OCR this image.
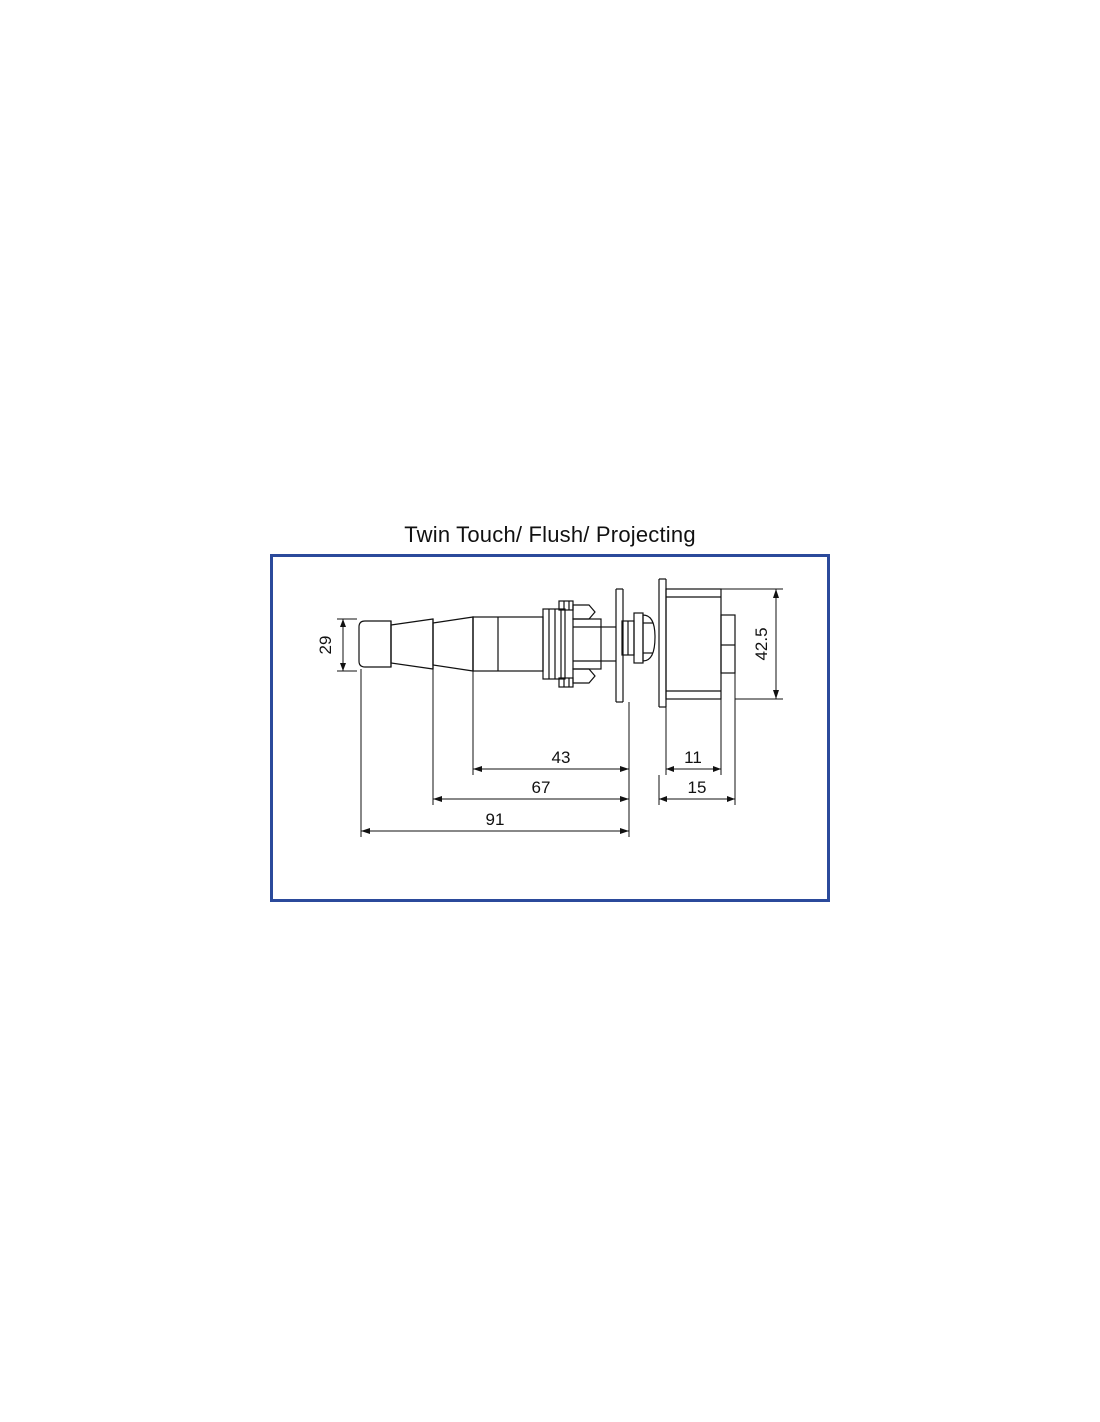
Twin Touch/ Flush/ Projecting
29
43
67
91
42.5
11
15
